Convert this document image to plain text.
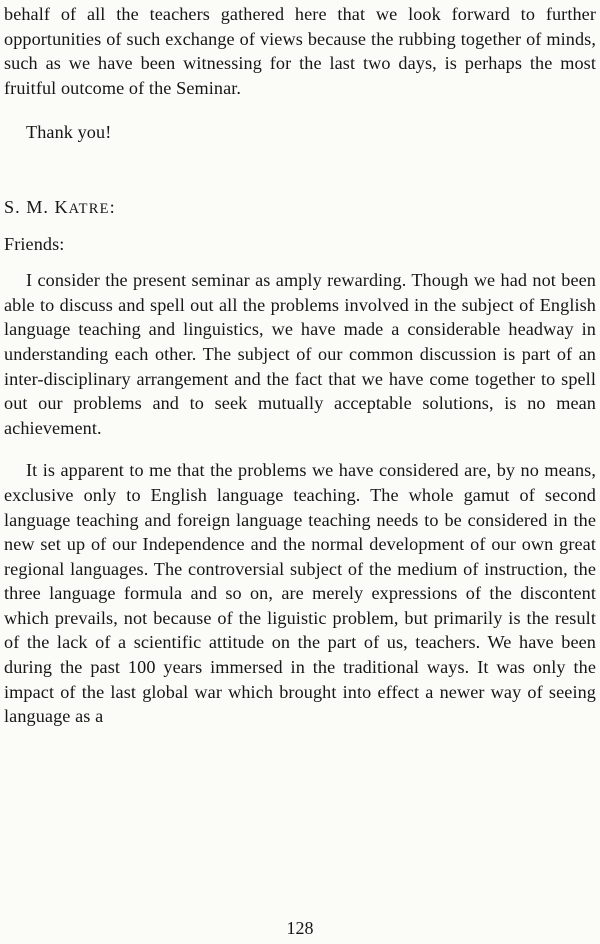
behalf of all the teachers gathered here that we look forward to further opportunities of such exchange of views because the rubbing together of minds, such as we have been witnessing for the last two days, is perhaps the most fruitful outcome of the Seminar.

Thank you!

S. M. KATRE:

Friends:

I consider the present seminar as amply rewarding. Though we had not been able to discuss and spell out all the problems involved in the subject of English language teaching and linguistics, we have made a considerable headway in understanding each other. The subject of our common discussion is part of an inter-disciplinary arrangement and the fact that we have come together to spell out our problems and to seek mutually acceptable solutions, is no mean achievement.

It is apparent to me that the problems we have considered are, by no means, exclusive only to English language teaching. The whole gamut of second language teaching and foreign language teaching needs to be considered in the new set up of our Independence and the normal development of our own great regional languages. The controversial subject of the medium of instruction, the three language formula and so on, are merely expressions of the discontent which prevails, not because of the liguistic problem, but primarily is the result of the lack of a scientific attitude on the part of us, teachers. We have been during the past 100 years immersed in the traditional ways. It was only the impact of the last global war which brought into effect a newer way of seeing language as a

128
